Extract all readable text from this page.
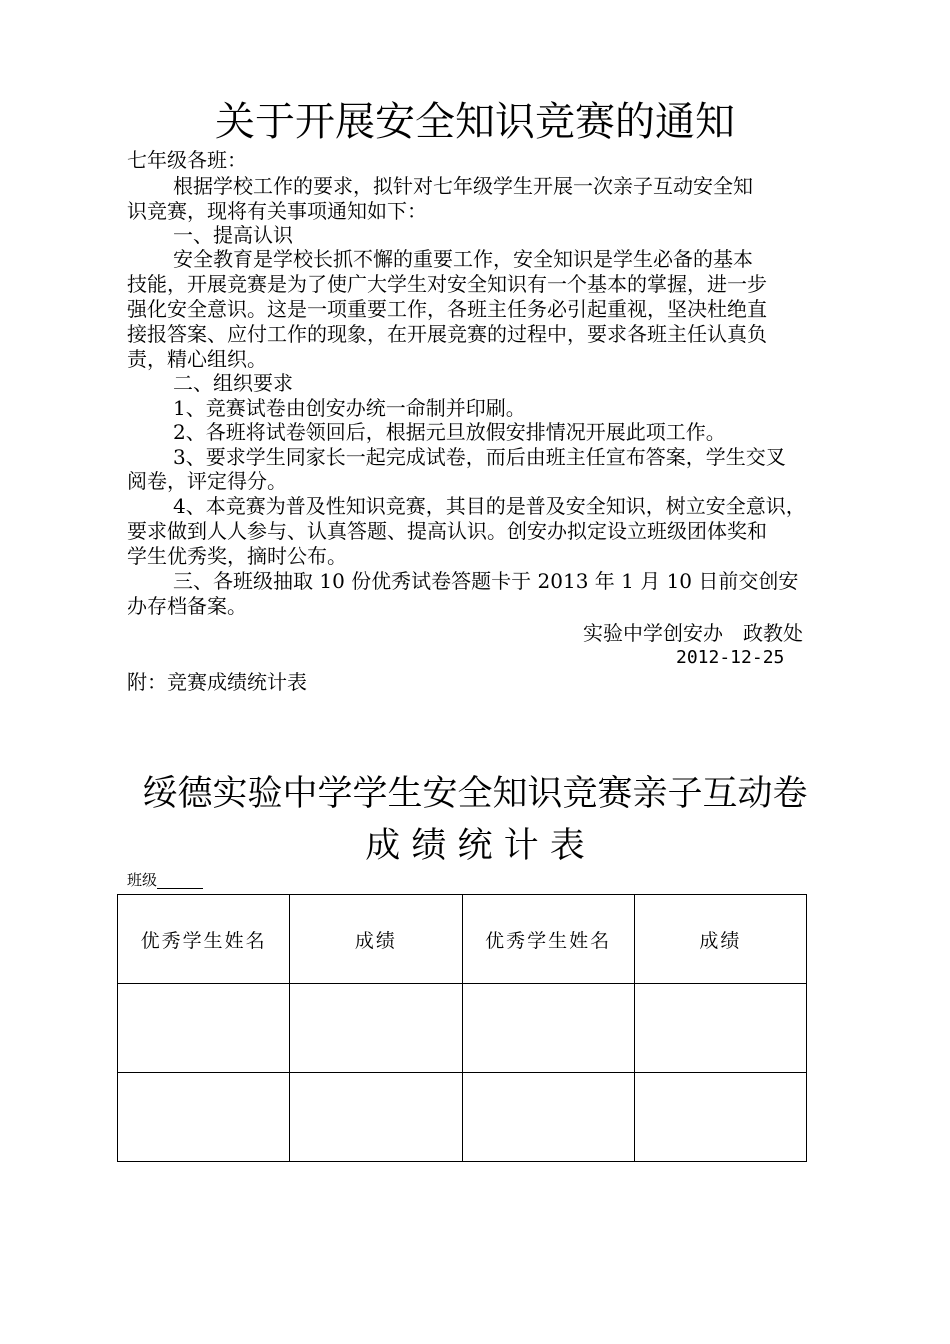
关于开展安全知识竞赛的通知
七年级各班：
根据学校工作的要求，拟针对七年级学生开展一次亲子互动安全知
识竞赛，现将有关事项通知如下：
一、提高认识
安全教育是学校长抓不懈的重要工作，安全知识是学生必备的基本
技能，开展竞赛是为了使广大学生对安全知识有一个基本的掌握，进一步
强化安全意识。这是一项重要工作，各班主任务必引起重视，坚决杜绝直
接报答案、应付工作的现象，在开展竞赛的过程中，要求各班主任认真负
责，精心组织。
二、组织要求
1、竞赛试卷由创安办统一命制并印刷。
2、各班将试卷领回后，根据元旦放假安排情况开展此项工作。
3、要求学生同家长一起完成试卷，而后由班主任宣布答案，学生交叉
阅卷，评定得分。
4、本竞赛为普及性知识竞赛，其目的是普及安全知识，树立安全意识，
要求做到人人参与、认真答题、提高认识。创安办拟定设立班级团体奖和
学生优秀奖，摘时公布。
三、各班级抽取 10 份优秀试卷答题卡于 2013 年 1 月 10 日前交创安
办存档备案。
实验中学创安办　政教处
2012-12-25
附：竞赛成绩统计表
绥德实验中学学生安全知识竞赛亲子互动卷
成 绩 统 计 表
班级
优秀学生姓名	成绩	优秀学生姓名	成绩
